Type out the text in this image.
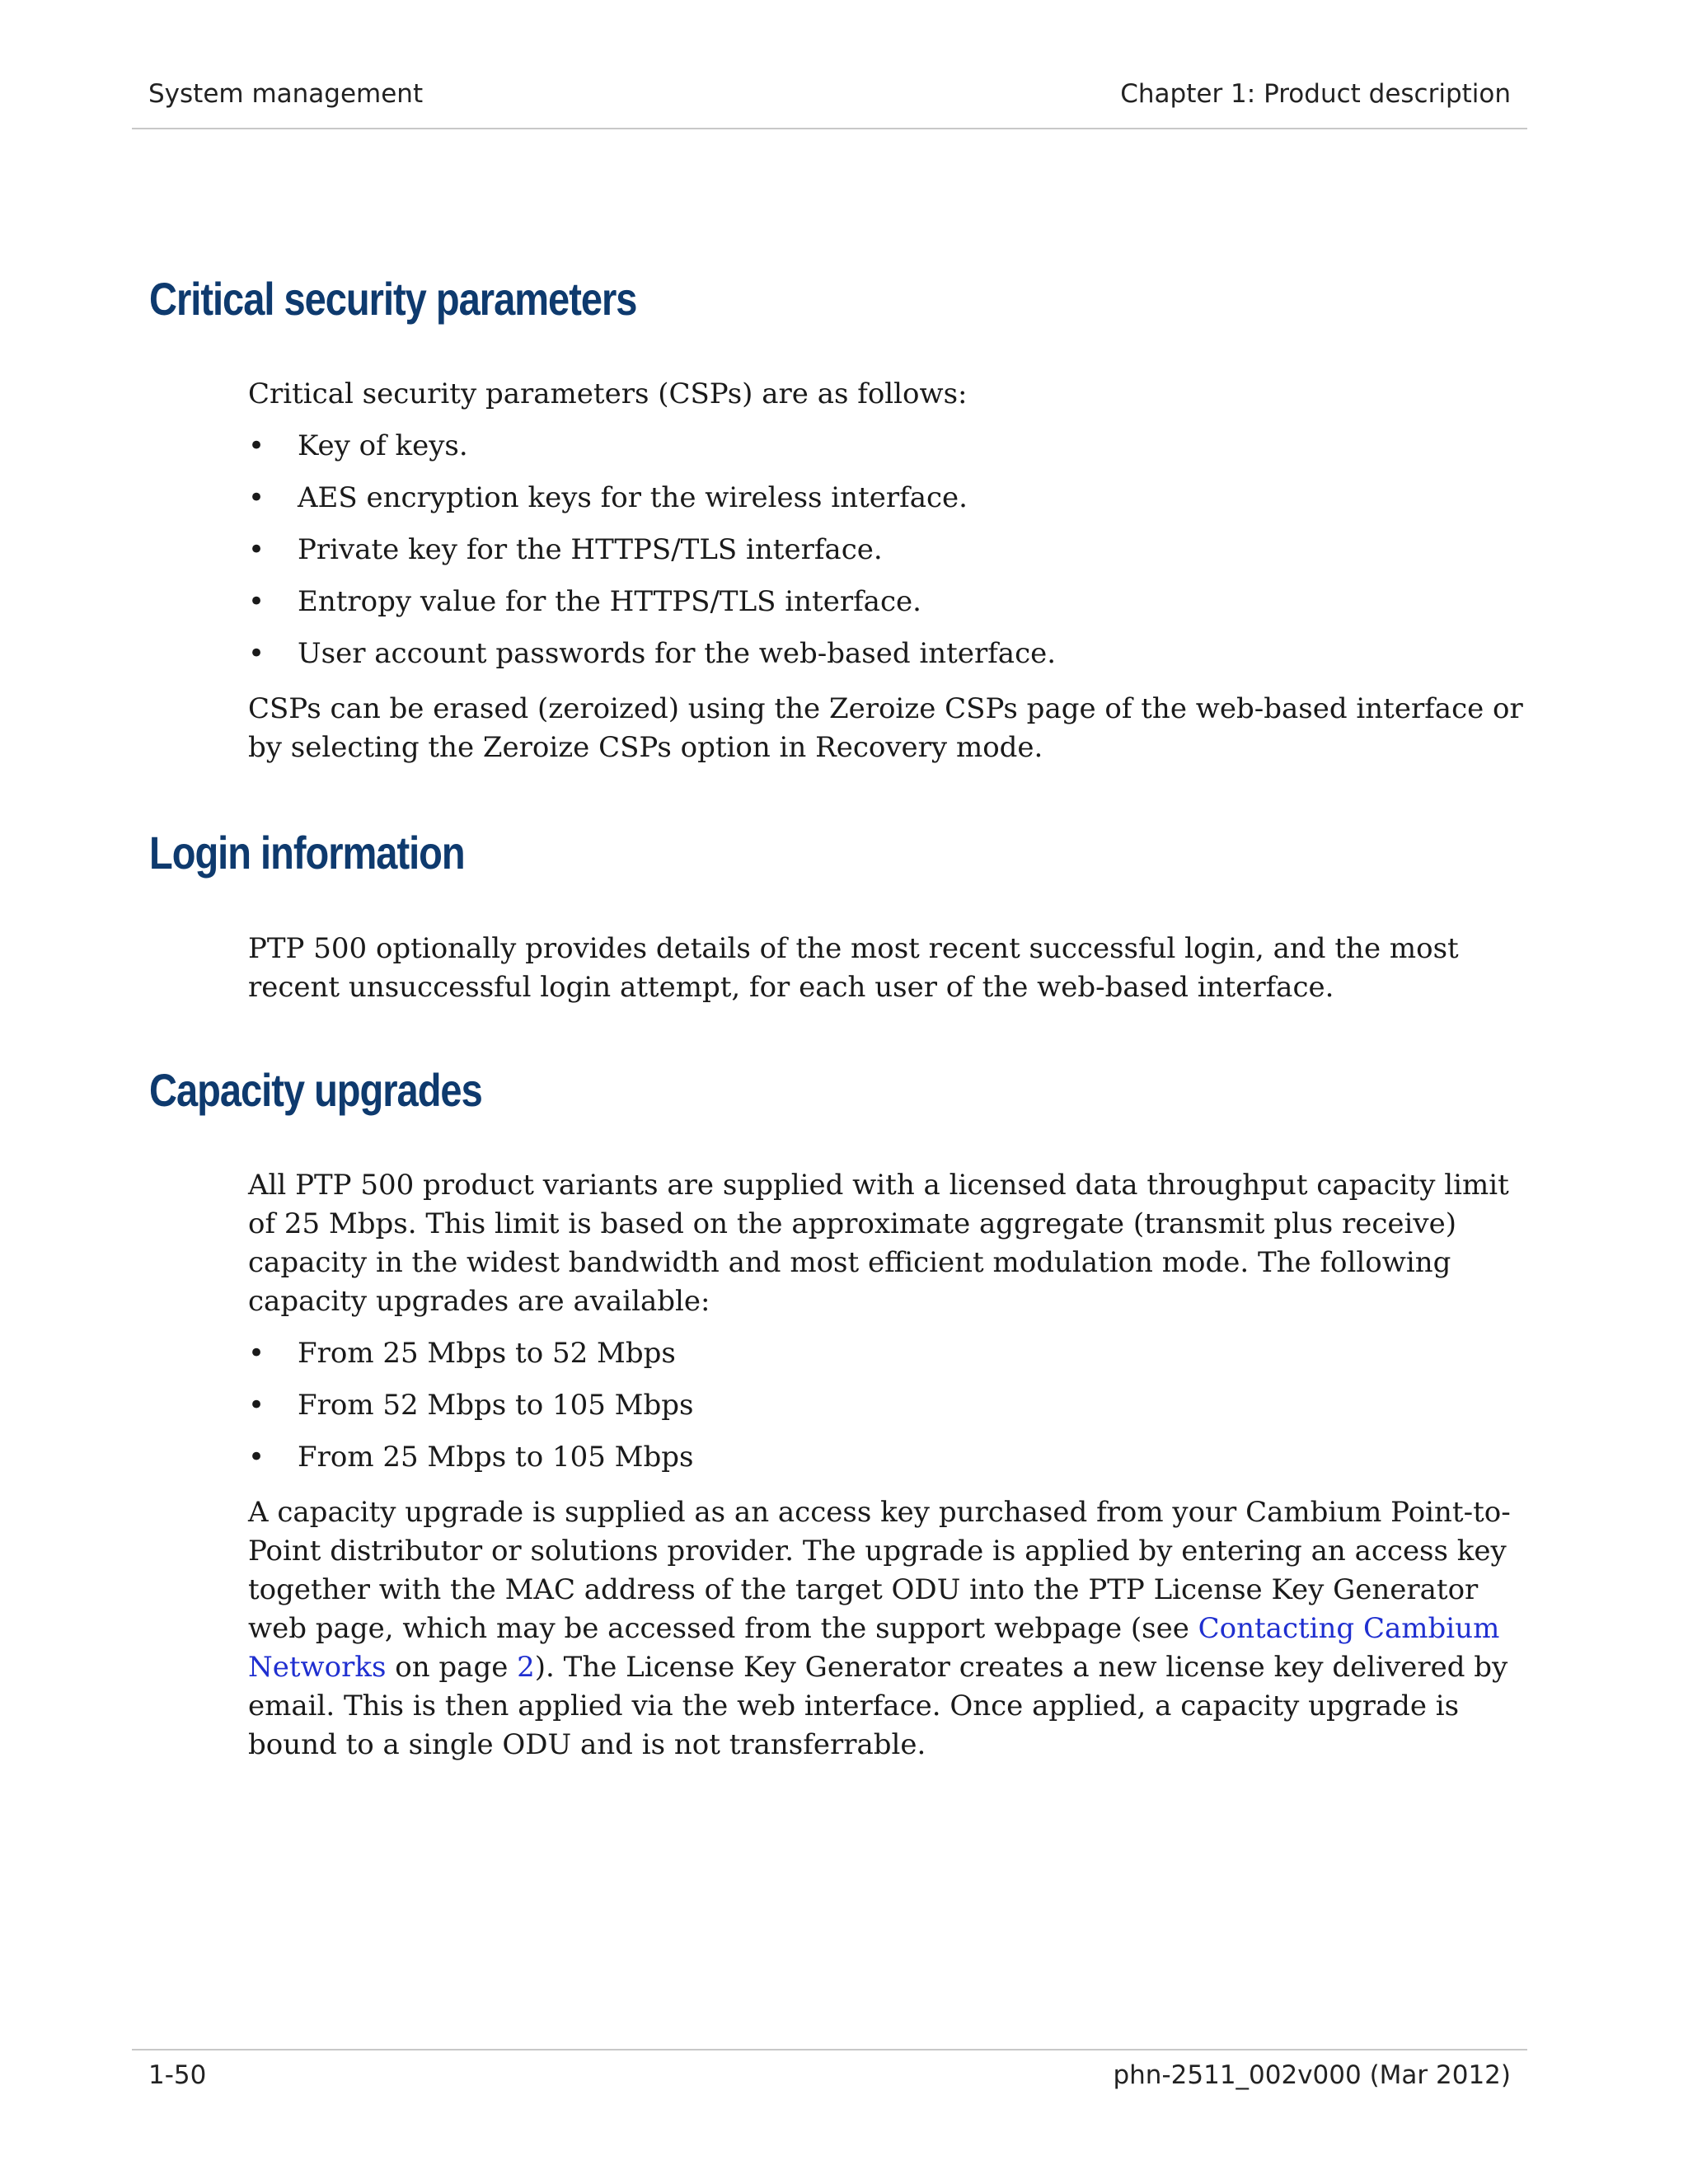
System management	Chapter 1: Product description
Critical security parameters

Critical security parameters (CSPs) are as follows:

• Key of keys.
• AES encryption keys for the wireless interface.
• Private key for the HTTPS/TLS interface.
• Entropy value for the HTTPS/TLS interface.
• User account passwords for the web-based interface.

CSPs can be erased (zeroized) using the Zeroize CSPs page of the web-based interface or by selecting the Zeroize CSPs option in Recovery mode.

Login information

PTP 500 optionally provides details of the most recent successful login, and the most recent unsuccessful login attempt, for each user of the web-based interface.

Capacity upgrades

All PTP 500 product variants are supplied with a licensed data throughput capacity limit of 25 Mbps. This limit is based on the approximate aggregate (transmit plus receive) capacity in the widest bandwidth and most efficient modulation mode. The following capacity upgrades are available:

• From 25 Mbps to 52 Mbps
• From 52 Mbps to 105 Mbps
• From 25 Mbps to 105 Mbps

A capacity upgrade is supplied as an access key purchased from your Cambium Point-to-Point distributor or solutions provider. The upgrade is applied by entering an access key together with the MAC address of the target ODU into the PTP License Key Generator web page, which may be accessed from the support webpage (see Contacting Cambium Networks on page 2). The License Key Generator creates a new license key delivered by email. This is then applied via the web interface. Once applied, a capacity upgrade is bound to a single ODU and is not transferrable.

1-50	phn-2511_002v000 (Mar 2012)
